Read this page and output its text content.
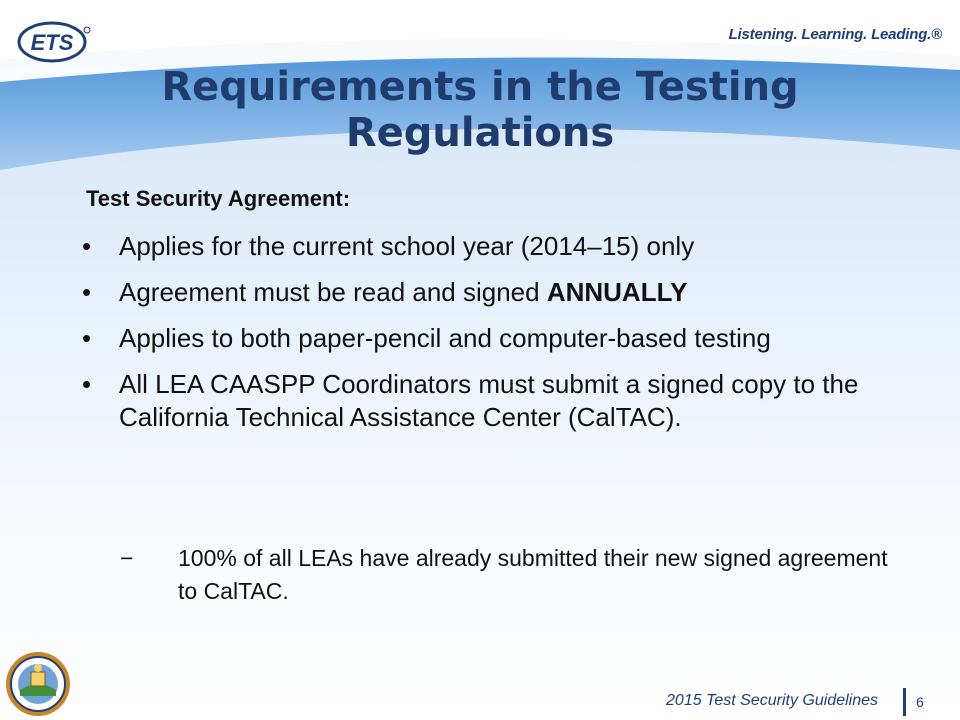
ETS	Listening. Learning. Leading.®
Requirements in the Testing
Regulations
Test Security Agreement:
• Applies for the current school year (2014–15) only
• Agreement must be read and signed ANNUALLY
• Applies to both paper-pencil and computer-based testing
• All LEA CAASPP Coordinators must submit a signed copy to the California Technical Assistance Center (CalTAC).
− 100% of all LEAs have already submitted their new signed agreement to CalTAC.
2015 Test Security Guidelines	6
